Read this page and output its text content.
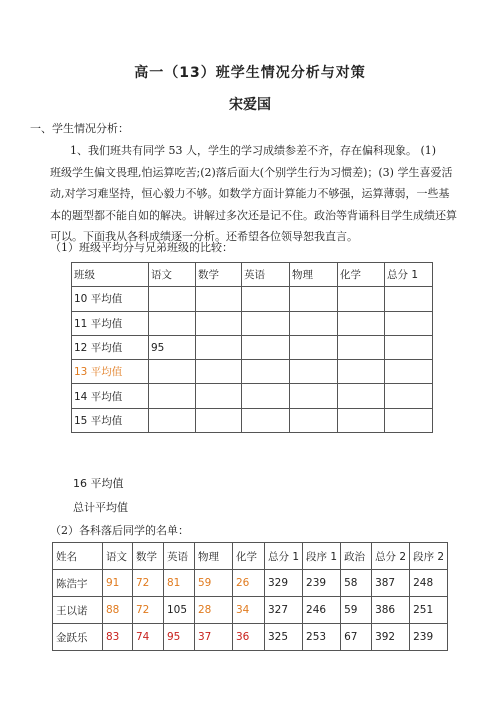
高一（13）班学生情况分析与对策
宋爱国
一、学生情况分析：
1、我们班共有同学 53 人，学生的学习成绩参差不齐，存在偏科现象。 (1)
班级学生偏文畏理,怕运算吃苦;(2)落后面大(个别学生行为习惯差)；(3) 学生喜爱活动,对学习难坚持，恒心毅力不够。如数学方面计算能力不够强，运算薄弱，一些基本的题型都不能自如的解决。讲解过多次还是记不住。政治等背诵科目学生成绩还算可以。下面我从各科成绩逐一分析。还希望各位领导恕我直言。
（1）班级平均分与兄弟班级的比较：
班级	语文	数学	英语	物理	化学	总分 1
10 平均值						
11 平均值						
12 平均值	95					
13 平均值						
14 平均值						
15 平均值						
16 平均值
总计平均值
（2）各科落后同学的名单：
姓名	语文	数学	英语	物理	化学	总分 1	段序 1	政治	总分 2	段序 2
陈浩宇	91	72	81	59	26	329	239	58	387	248
王以诺	88	72	105	28	34	327	246	59	386	251
金跃乐	83	74	95	37	36	325	253	67	392	239
